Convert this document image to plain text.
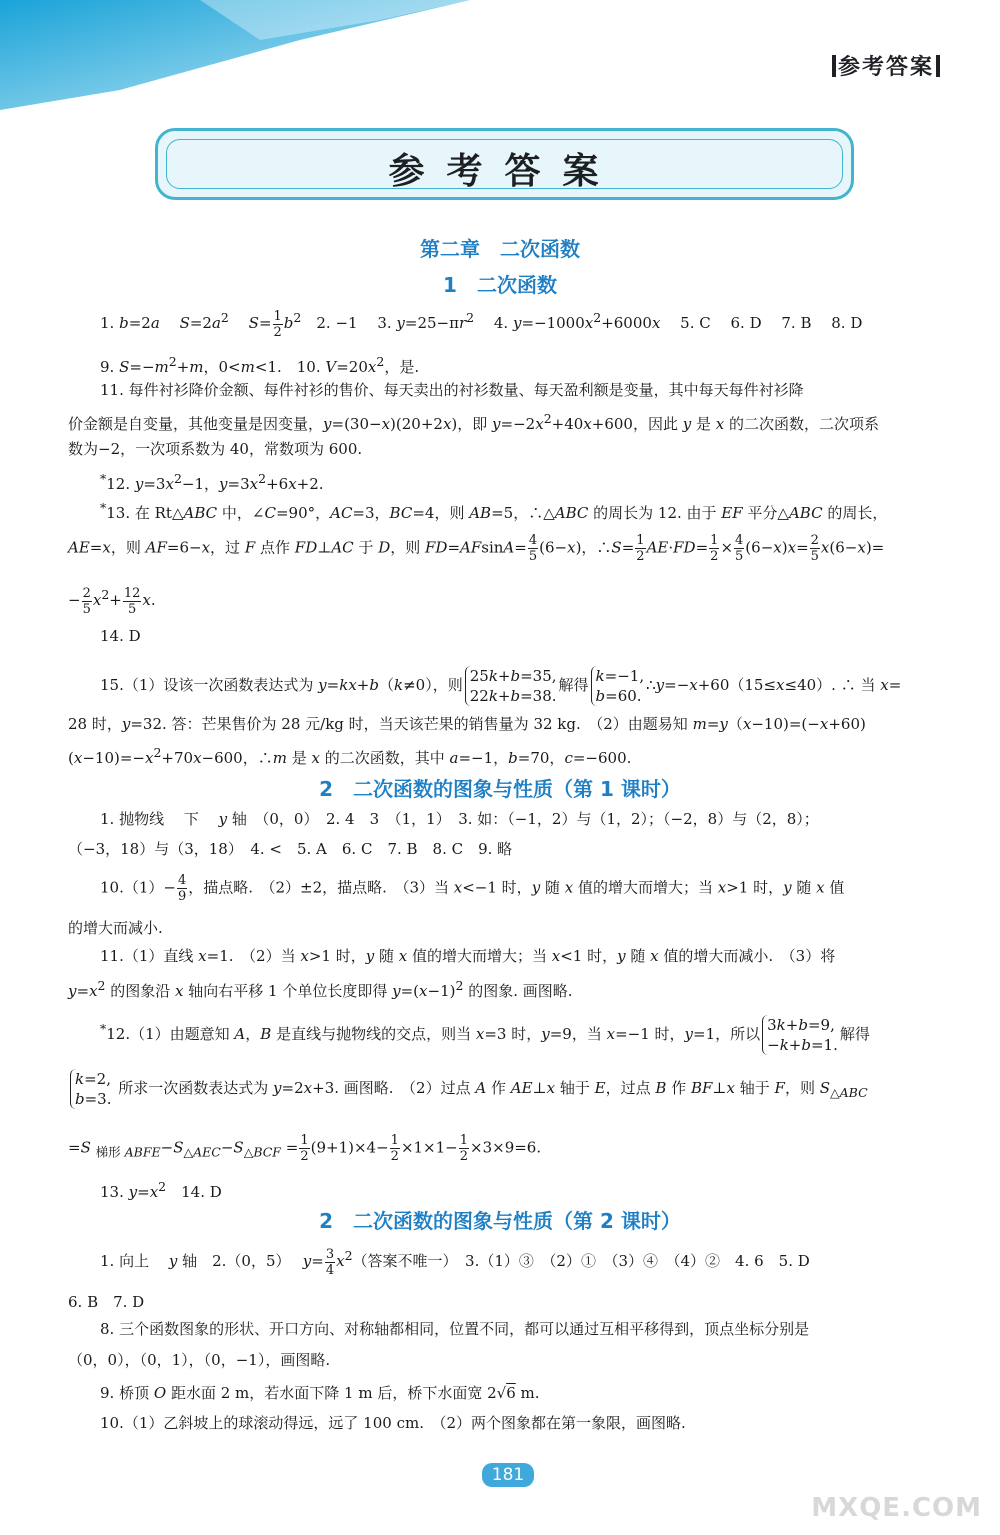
参考答案
参考答案
第二章　二次函数
1　二次函数
1. b=2a　 $S=2a^2$　 $S= \frac{1}{2} b^2$　2. −1　 3. $y=25-\pi r^2$　 4. $y=-1000x^2+6000x$　 5. C　 6. D　 7. B　 8. D
9. $S=-m^2+m$，0<m<1.　10. $V=20x^2$，是.
11. 每件衬衫降价金额、每件衬衫的售价、每天卖出的衬衫数量、每天盈利额是变量，其中每天每件衬衫降
价金额是自变量，其他变量是因变量，y=(30−x)(20+2x)，即 $y=-2x^2+40x+600$，因此 y 是 x 的二次函数，二次项系
数为−2，一次项系数为 40，常数项为 600.
*12. $y=3x^2-1$，$y=3x^2+6x+2$.
*13. 在 Rt△ABC 中，∠C=90°，AC=3，BC=4，则 AB=5，∴△ABC 的周长为 12. 由于 EF 平分△ABC 的周长，
AE=x，则 AF=6−x，过 F 点作 FD⊥AC 于 D，则 $FD=AFsinA= \frac{4}{5} (6-x)$，∴S= $\frac{1}{2} AE\cdot FD= \frac{1}{2} \times \frac{4}{5} (6-x)x= \frac{2}{5} x(6-x)=$
− $\frac{2}{5} x^2+ \frac{12}{5} x$.
14. D
15.（1）设该一次函数表达式为 y=kx+b（k≠0），则 25k+b=35,
22k+b=38.
解得 k=−1,
b=60.
∴y=−x+60（15≤x≤40）. ∴ 当 x=
28 时，y=32. 答：芒果售价为 28 元/kg 时，当天该芒果的销售量为 32 kg.　（2）由题易知 m=y（x−10)=(−x+60)
$(x-10)=-x^2+70x-600$，∴m 是 x 的二次函数，其中 a=−1，b=70，c=−600.
2　二次函数的图象与性质（第 1 课时）
1. 抛物线　 下　 y 轴　（0，0）　2. 4　3　（1，1）　3. 如：（−1，2）与（1，2）；（−2，8）与（2，8）；
（−3，18）与（3，18）　4. <　5. A　6. C　7. B　8. C　9. 略
$10.(1)- \frac{4}{9}$ ，描点略.　（2）±2，描点略.　（3）当 x<−1 时，y 随 x 值的增大而增大；当 x>1 时，y 随 x 值
的增大而减小.
11.（1）直线 x=1.　（2）当 x>1 时，y 随 x 值的增大而增大；当 x<1 时，y 随 x 值的增大而减小.　（3）将
$y=x^2$ 的图象沿 x 轴向右平移 1 个单位长度即得 $y=(x-1)^2$ 的图象. 画图略.
*12.（1）由题意知 A，B 是直线与抛物线的交点，则当 x=3 时，y=9，当 x=−1 时，y=1，所以 3k+b=9,
−k+b=1.
解得
k=2,
b=3.
所求一次函数表达式为 y=2x+3. 画图略.　（2）过点 A 作 AE⊥x 轴于 E，过点 B 作 BF⊥x 轴于 F，则 $S_{\triangle ABC}$
=S $_{梯形 ABFE}-S_{\triangle AEC}-S_{\triangle BCF} = \frac{1}{2} (9+1)\times 4- \frac{1}{2} \times 1\times 1- \frac{1}{2} \times 3\times 9=6$.
13. $y=x^2$　14. D
2　二次函数的图象与性质（第 2 课时）
1. 向上　 y 轴　2.（0，5）　 $y= \frac{3}{4} x^2$（答案不唯一）　3.（1）③　（2）①　（3）④　（4）②　4. 6　5. D
6. B　7. D
8. 三个函数图象的形状、开口方向、对称轴都相同，位置不同，都可以通过互相平移得到，顶点坐标分别是
（0，0），（0，1），（0，−1），画图略.
9. 桥顶 O 距水面 2 m，若水面下降 1 m 后，桥下水面宽 2√6 m.
10.（1）乙斜坡上的球滚动得远，远了 100 cm.　（2）两个图象都在第一象限，画图略.
181
MXQE.COM
